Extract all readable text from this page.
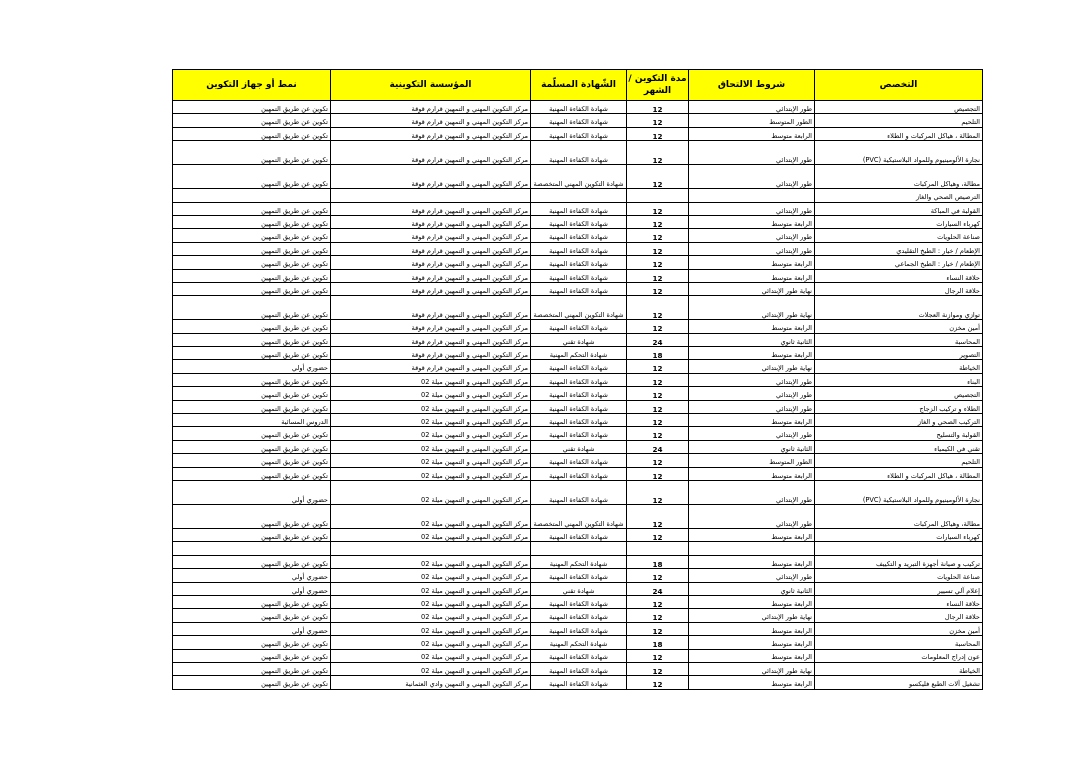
التخصص	شروط الالتحاق	مدة التكوين /الشهر	الشّهادة المسلّمة	المؤسسة التكوينية	نمط أو جهاز التكوين
التجصيص	طور الإبتدائي	12	شهادة الكفاءة المهنية	مركز التكوين المهني و التمهين قرارم قوقة	تكوين عن طريق التمهين
التلحيم	الطور المتوسط	12	شهادة الكفاءة المهنية	مركز التكوين المهني و التمهين قرارم قوقة	تكوين عن طريق التمهين
المطالة ، هياكل المركبات و الطلاء	الرابعة متوسط	12	شهادة الكفاءة المهنية	مركز التكوين المهني و التمهين قرارم قوقة	تكوين عن طريق التمهين
نجارة الألومينيوم وللمواد البلاستيكية (PVC)	طور الإبتدائي	12	شهادة الكفاءة المهنية	مركز التكوين المهني و التمهين قرارم قوقة	تكوين عن طريق التمهين
مطالة، وهياكل المركبات	طور الإبتدائي	12	شهادة التكوين المهني المتخصصة	مركز التكوين المهني و التمهين قرارم قوقة	تكوين عن طريق التمهين
الترصيص الصحي والغاز					
القولبة في المباكة	طور الإبتدائي	12	شهادة الكفاءة المهنية	مركز التكوين المهني و التمهين قرارم قوقة	تكوين عن طريق التمهين
كهرباء السيارات	الرابعة متوسط	12	شهادة الكفاءة المهنية	مركز التكوين المهني و التمهين قرارم قوقة	تكوين عن طريق التمهين
صناعة الحلويات	طور الإبتدائي	12	شهادة الكفاءة المهنية	مركز التكوين المهني و التمهين قرارم قوقة	تكوين عن طريق التمهين
الإطعام / خيار : الطبخ التقليدي	طور الإبتدائي	12	شهادة الكفاءة المهنية	مركز التكوين المهني و التمهين قرارم قوقة	تكوين عن طريق التمهين
الإطعام / خيار : الطبخ الجماعي	الرابعة متوسط	12	شهادة الكفاءة المهنية	مركز التكوين المهني و التمهين قرارم قوقة	تكوين عن طريق التمهين
حلاقة النساء	الرابعة متوسط	12	شهادة الكفاءة المهنية	مركز التكوين المهني و التمهين قرارم قوقة	تكوين عن طريق التمهين
حلاقة الرجال	نهاية طور الإبتدائي	12	شهادة الكفاءة المهنية	مركز التكوين المهني و التمهين قرارم قوقة	تكوين عن طريق التمهين
توازي وموازنة العجلات	نهاية طور الإبتدائي	12	شهادة التكوين المهني المتخصصة	مركز التكوين المهني و التمهين قرارم قوقة	تكوين عن طريق التمهين
أمين مخزن	الرابعة متوسط	12	شهادة الكفاءة المهنية	مركز التكوين المهني و التمهين قرارم قوقة	تكوين عن طريق التمهين
المحاسبة	الثانية ثانوي	24	شهادة تقني	مركز التكوين المهني و التمهين قرارم قوقة	تكوين عن طريق التمهين
التصوير	الرابعة متوسط	18	شهادة التحكم المهنية	مركز التكوين المهني و التمهين قرارم قوقة	تكوين عن طريق التمهين
الخياطة	نهاية طور الإبتدائي	12	شهادة الكفاءة المهنية	مركز التكوين المهني و التمهين قرارم قوقة	حضوري أولي
البناء	طور الإبتدائي	12	شهادة الكفاءة المهنية	مركز التكوين المهني و التمهين ميلة 02	تكوين عن طريق التمهين
التجصيص	طور الإبتدائي	12	شهادة الكفاءة المهنية	مركز التكوين المهني و التمهين ميلة 02	تكوين عن طريق التمهين
الطلاء و تركيب الزجاج	طور الإبتدائي	12	شهادة الكفاءة المهنية	مركز التكوين المهني و التمهين ميلة 02	تكوين عن طريق التمهين
التركيب الصحي و الغاز	الرابعة متوسط	12	شهادة الكفاءة المهنية	مركز التكوين المهني و التمهين ميلة 02	الدروس المسائية
القولبة والتسليح	طور الإبتدائي	12	شهادة الكفاءة المهنية	مركز التكوين المهني و التمهين ميلة 02	تكوين عن طريق التمهين
تقني في الكيمياء	الثانية ثانوي	24	شهادة تقني	مركز التكوين المهني و التمهين ميلة 02	تكوين عن طريق التمهين
التلحيم	الطور المتوسط	12	شهادة الكفاءة المهنية	مركز التكوين المهني و التمهين ميلة 02	تكوين عن طريق التمهين
المطالة ، هياكل المركبات و الطلاء	الرابعة متوسط	12	شهادة الكفاءة المهنية	مركز التكوين المهني و التمهين ميلة 02	تكوين عن طريق التمهين
نجارة الألومينيوم وللمواد البلاستيكية (PVC)	طور الإبتدائي	12	شهادة الكفاءة المهنية	مركز التكوين المهني و التمهين ميلة 02	حضوري أولي
مطالة، وهياكل المركبات	طور الإبتدائي	12	شهادة التكوين المهني المتخصصة	مركز التكوين المهني و التمهين ميلة 02	تكوين عن طريق التمهين
كهرباء السيارات	الرابعة متوسط	12	شهادة الكفاءة المهنية	مركز التكوين المهني و التمهين ميلة 02	تكوين عن طريق التمهين

تركيب و صيانة أجهزة التبريد و التكييف	الرابعة متوسط	18	شهادة التحكم المهنية	مركز التكوين المهني و التمهين ميلة 02	تكوين عن طريق التمهين
صناعة الحلويات	طور الإبتدائي	12	شهادة الكفاءة المهنية	مركز التكوين المهني و التمهين ميلة 02	حضوري أولي
إعلام آلي تسيير	الثانية ثانوي	24	شهادة تقني	مركز التكوين المهني و التمهين ميلة 02	حضوري أولي
حلاقة النساء	الرابعة متوسط	12	شهادة الكفاءة المهنية	مركز التكوين المهني و التمهين ميلة 02	تكوين عن طريق التمهين
حلاقة الرجال	نهاية طور الإبتدائي	12	شهادة الكفاءة المهنية	مركز التكوين المهني و التمهين ميلة 02	تكوين عن طريق التمهين
أمين مخزن	الرابعة متوسط	12	شهادة الكفاءة المهنية	مركز التكوين المهني و التمهين ميلة 02	حضوري أولي
المحاسبة	الرابعة متوسط	18	شهادة التحكم المهنية	مركز التكوين المهني و التمهين ميلة 02	تكوين عن طريق التمهين
عون إدراج المعلومات	الرابعة متوسط	12	شهادة الكفاءة المهنية	مركز التكوين المهني و التمهين ميلة 02	تكوين عن طريق التمهين
الخياطة	نهاية طور الإبتدائي	12	شهادة الكفاءة المهنية	مركز التكوين المهني و التمهين ميلة 02	تكوين عن طريق التمهين
تشغيل آلات الطبع فليكسو	الرابعة متوسط	12	شهادة الكفاءة المهنية	مركز التكوين المهني و التمهين وادي العثمانية	تكوين عن طريق التمهين
